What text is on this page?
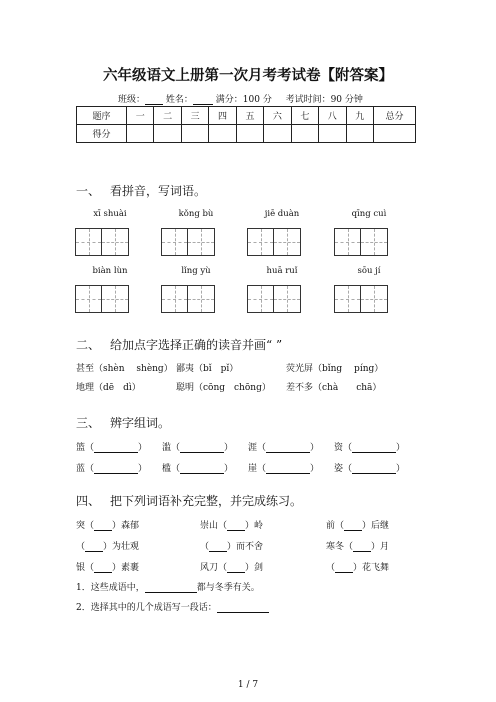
六年级语文上册第一次月考考试卷【附答案】
班级： 姓名：	满分：100 分 考试时间：90 分钟
题序	一	二	三	四	五	六	七	八	九	总分
得分										
一、 看拼音，写词语。
xī shuài	kǒng bù	jiē duàn	qīng cuì
biàn lùn	lǐng yù	huā ruǐ	sōu jí
二、 给加点字选择正确的读音并画“ ”
甚至（shèn　 shèng） 鄙夷（bǐ　pǐ）	荧光屏（bǐng　 píng）
地理（dē　dì）	聪明（cōng　chōng） 差不多（chà　　chā）
三、 辨字组词。
篮（	） 滥（	） 涯（	） 资（	）
蓝（	） 槛（	） 崖（	） 姿（	）
四、 把下列词语补充完整，并完成练习。
突（ ）森郁	崇山（ ）岭	前（ ）后继
（ ）为壮观	（ ）而不舍	寒冬（ ）月
银（ ）素裹	风刀（ ）剑	（ ）花飞舞
1．这些成语中，	都与冬季有关。
2．选择其中的几个成语写一段话：
1 / 7
